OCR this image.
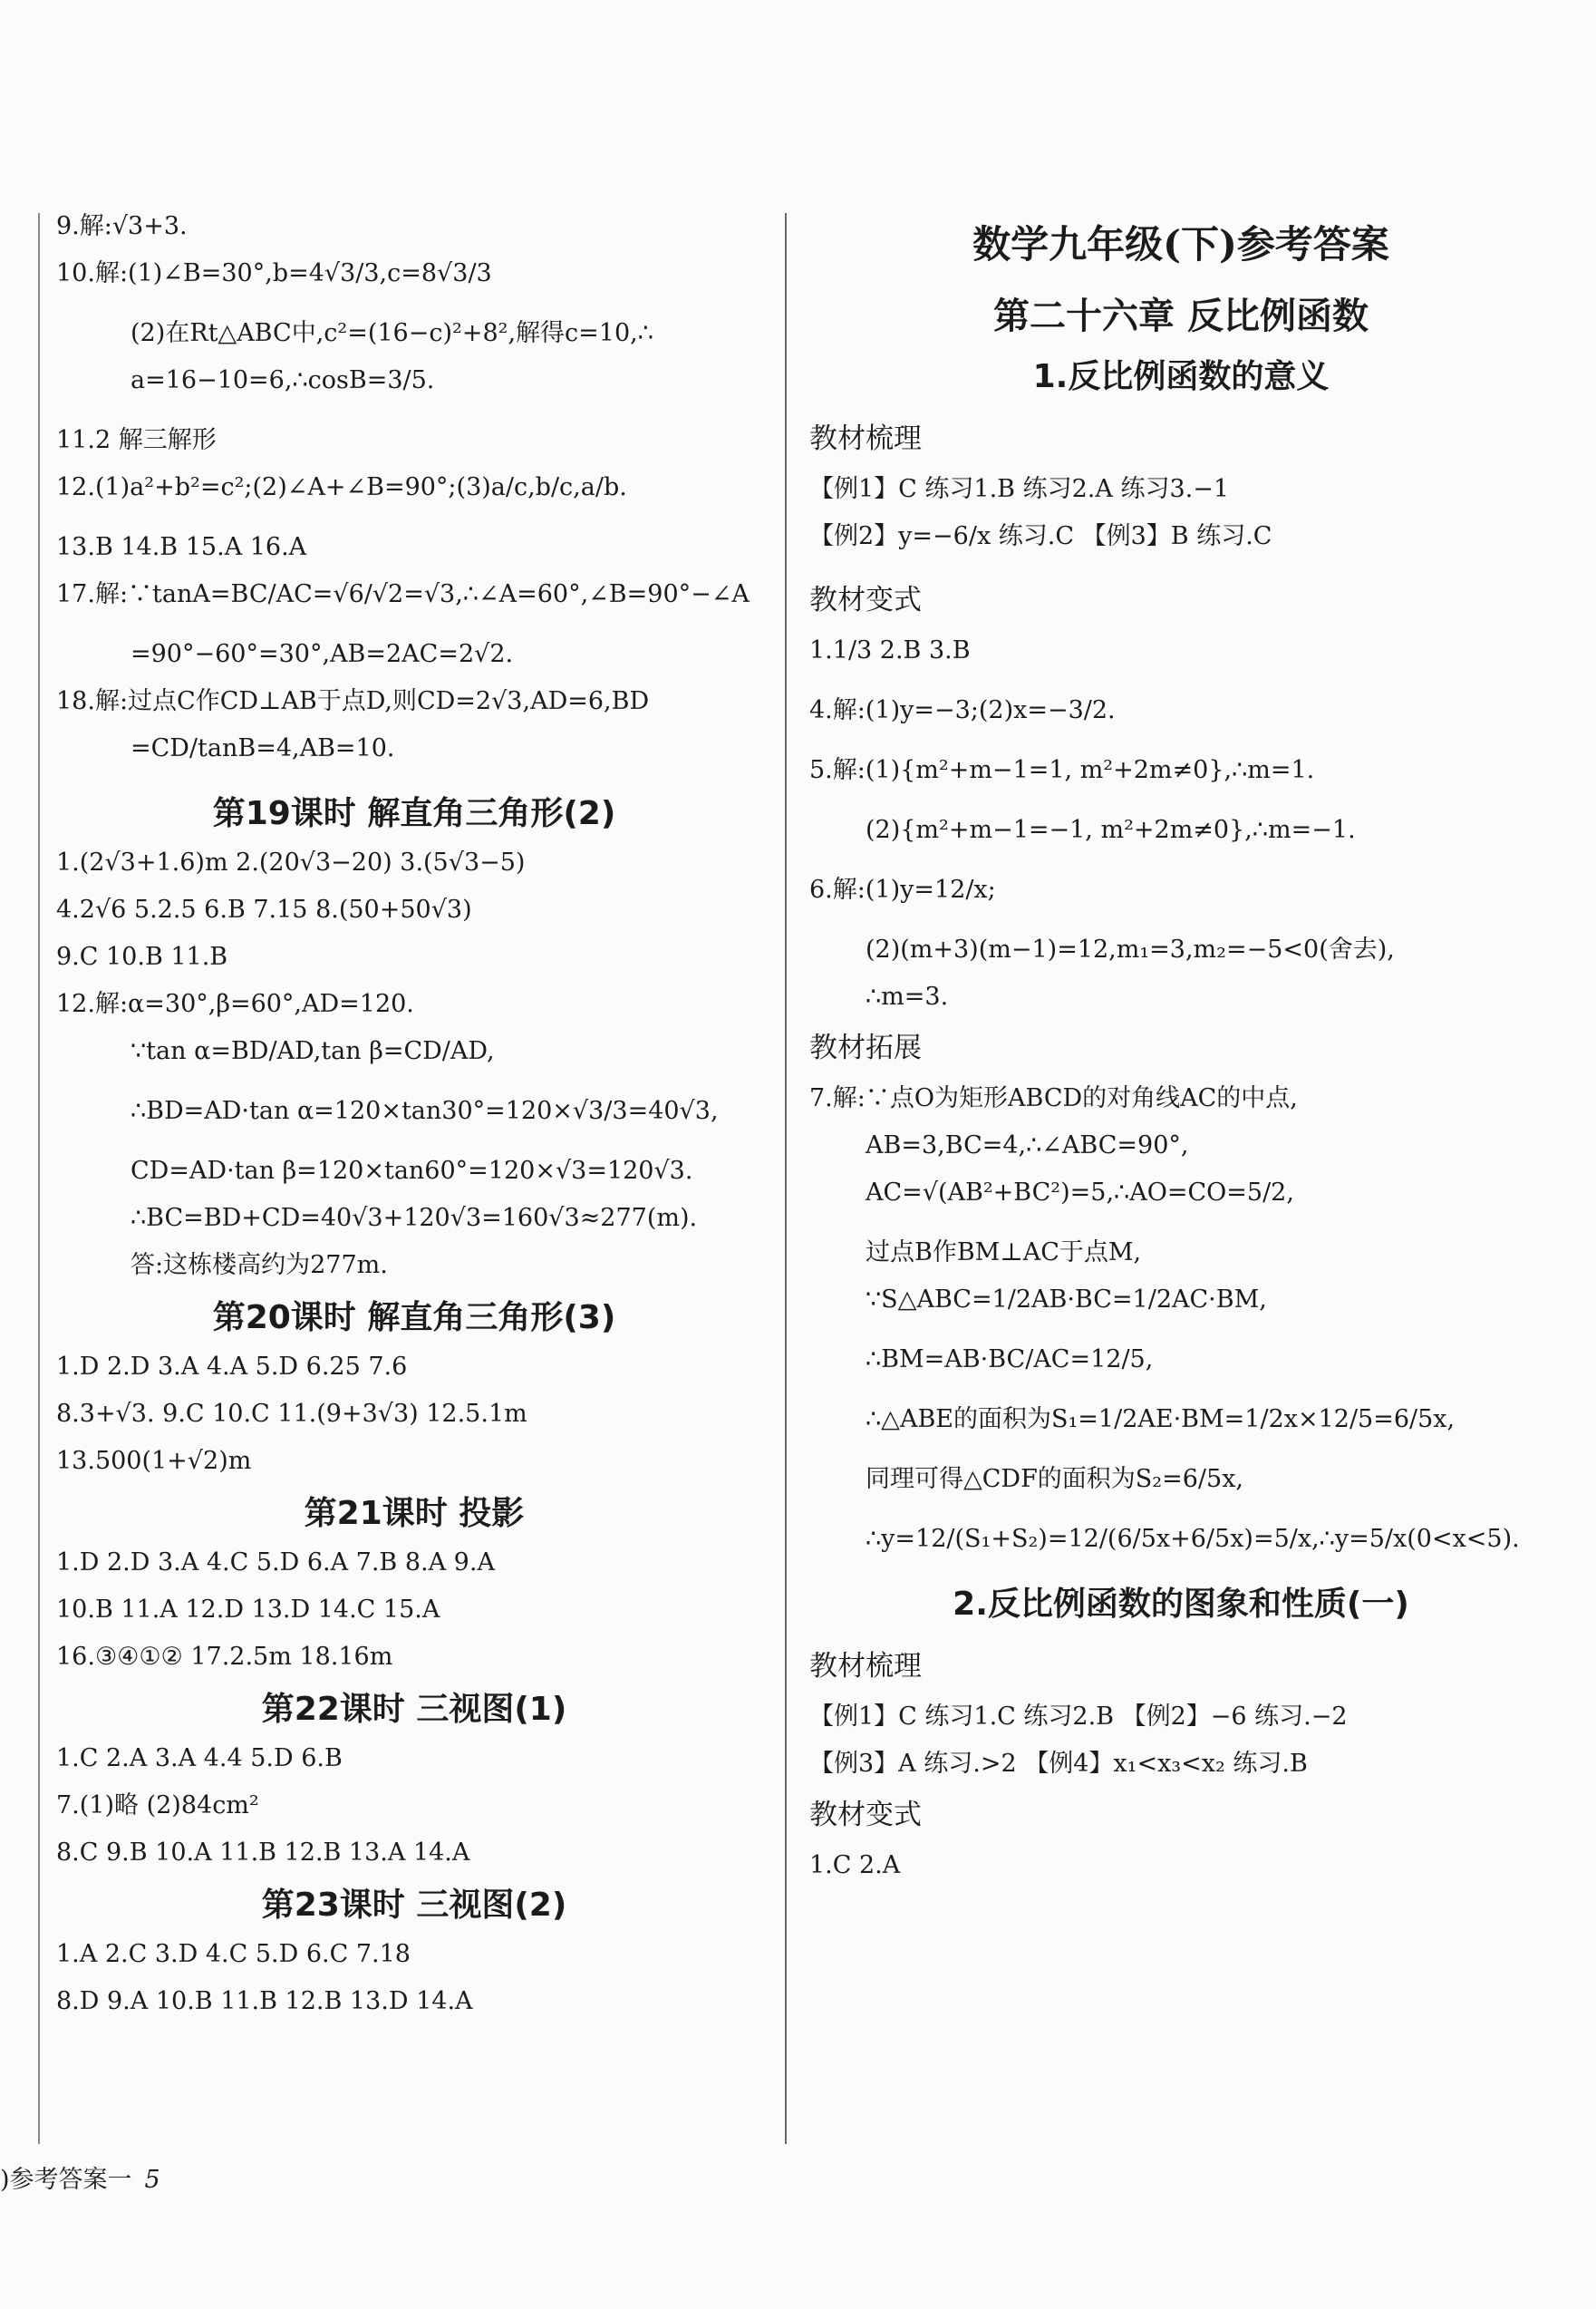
9.解:√3+3.
10.解:(1)∠B=30°,b=4√3/3,c=8√3/3
(2)在Rt△ABC中,c²=(16−c)²+8²,解得c=10,∴
a=16−10=6,∴cosB=3/5.
11.2 解三解形
12.(1)a²+b²=c²;(2)∠A+∠B=90°;(3)a/c,b/c,a/b.
13.B 14.B 15.A 16.A
17.解:∵tanA=BC/AC=√6/√2=√3,∴∠A=60°,∠B=90°−∠A
=90°−60°=30°,AB=2AC=2√2.
18.解:过点C作CD⊥AB于点D,则CD=2√3,AD=6,BD
=CD/tanB=4,AB=10.
第19课时 解直角三角形(2)
1.(2√3+1.6)m 2.(20√3−20) 3.(5√3−5)
4.2√6 5.2.5 6.B 7.15 8.(50+50√3)
9.C 10.B 11.B
12.解:α=30°,β=60°,AD=120.
∵tan α=BD/AD,tan β=CD/AD,
∴BD=AD·tan α=120×tan30°=120×√3/3=40√3,
CD=AD·tan β=120×tan60°=120×√3=120√3.
∴BC=BD+CD=40√3+120√3=160√3≈277(m).
答:这栋楼高约为277m.
第20课时 解直角三角形(3)
1.D 2.D 3.A 4.A 5.D 6.25 7.6
8.3+√3. 9.C 10.C 11.(9+3√3) 12.5.1m
13.500(1+√2)m
第21课时 投影
1.D 2.D 3.A 4.C 5.D 6.A 7.B 8.A 9.A
10.B 11.A 12.D 13.D 14.C 15.A
16.③④①② 17.2.5m 18.16m
第22课时 三视图(1)
1.C 2.A 3.A 4.4 5.D 6.B
7.(1)略 (2)84cm²
8.C 9.B 10.A 11.B 12.B 13.A 14.A
第23课时 三视图(2)
1.A 2.C 3.D 4.C 5.D 6.C 7.18
8.D 9.A 10.B 11.B 12.B 13.D 14.A
数学九年级(下)参考答案
第二十六章 反比例函数
1.反比例函数的意义
教材梳理
【例1】C 练习1.B 练习2.A 练习3.−1
【例2】y=−6/x 练习.C 【例3】B 练习.C
教材变式
1.1/3 2.B 3.B
4.解:(1)y=−3;(2)x=−3/2.
5.解:(1){m²+m−1=1, m²+2m≠0},∴m=1.
(2){m²+m−1=−1, m²+2m≠0},∴m=−1.
6.解:(1)y=12/x;
(2)(m+3)(m−1)=12,m₁=3,m₂=−5<0(舍去),
∴m=3.
教材拓展
7.解:∵点O为矩形ABCD的对角线AC的中点,
AB=3,BC=4,∴∠ABC=90°,
AC=√(AB²+BC²)=5,∴AO=CO=5/2,
过点B作BM⊥AC于点M,
∵S△ABC=1/2AB·BC=1/2AC·BM,
∴BM=AB·BC/AC=12/5,
∴△ABE的面积为S₁=1/2AE·BM=1/2x×12/5=6/5x,
同理可得△CDF的面积为S₂=6/5x,
∴y=12/(S₁+S₂)=12/(6/5x+6/5x)=5/x,∴y=5/x(0<x<5).
2.反比例函数的图象和性质(一)
教材梳理
【例1】C 练习1.C 练习2.B 【例2】−6 练习.−2
【例3】A 练习.>2 【例4】x₁<x₃<x₂ 练习.B
教材变式
1.C 2.A
)参考答案一 5
